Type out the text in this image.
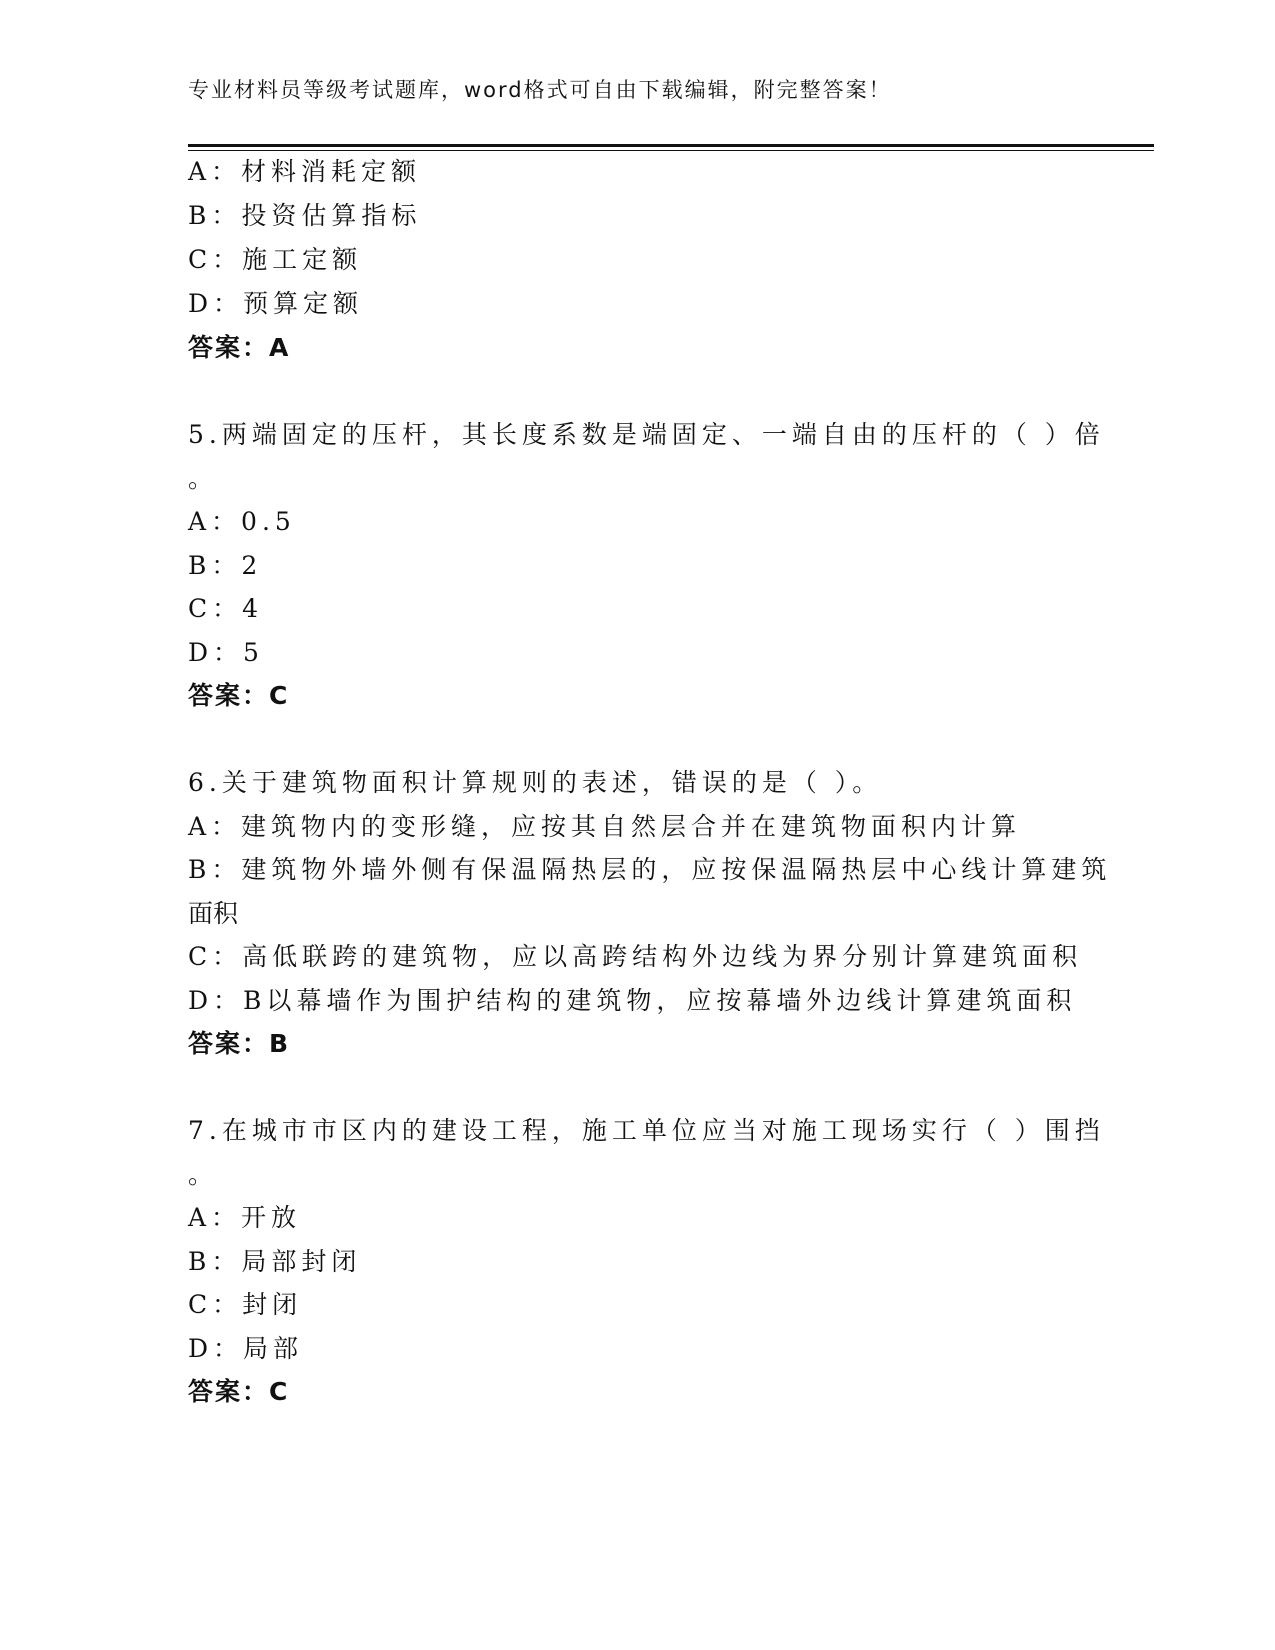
专业材料员等级考试题库，word格式可自由下载编辑，附完整答案！
A：材料消耗定额
B：投资估算指标
C：施工定额
D：预算定额
答案：A
5.两端固定的压杆，其长度系数是端固定、一端自由的压杆的（ ）倍
。
A：0.5
B：2
C：4
D：5
答案：C
6.关于建筑物面积计算规则的表述，错误的是（ ）。
A：建筑物内的变形缝，应按其自然层合并在建筑物面积内计算
B：建筑物外墙外侧有保温隔热层的，应按保温隔热层中心线计算建筑
面积
C：高低联跨的建筑物，应以高跨结构外边线为界分别计算建筑面积
D：B以幕墙作为围护结构的建筑物，应按幕墙外边线计算建筑面积
答案：B
7.在城市市区内的建设工程，施工单位应当对施工现场实行（ ）围挡
。
A：开放
B：局部封闭
C：封闭
D：局部
答案：C
